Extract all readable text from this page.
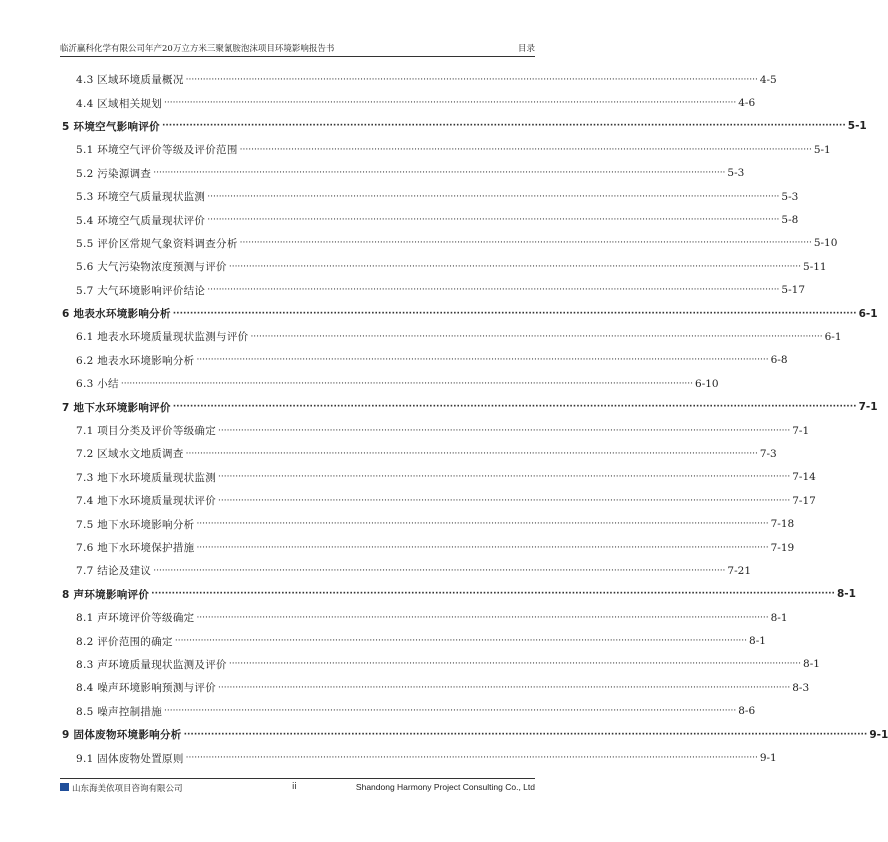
临沂赢科化学有限公司年产20万立方米三聚氰胺泡沫项目环境影响报告书	目录
4.3 区域环境质量概况 ········································································································································································································ 4-5
4.4 区域相关规划 ········································································································································································································ 4-6
5 环境空气影响评价 ········································································································································································································ 5-1
5.1 环境空气评价等级及评价范围 ········································································································································································································ 5-1
5.2 污染源调查 ········································································································································································································ 5-3
5.3 环境空气质量现状监测 ········································································································································································································ 5-3
5.4 环境空气质量现状评价 ········································································································································································································ 5-8
5.5 评价区常规气象资料调查分析 ········································································································································································································ 5-10
5.6 大气污染物浓度预测与评价 ········································································································································································································ 5-11
5.7 大气环境影响评价结论 ········································································································································································································ 5-17
6 地表水环境影响分析 ········································································································································································································ 6-1
6.1 地表水环境质量现状监测与评价 ········································································································································································································ 6-1
6.2 地表水环境影响分析 ········································································································································································································ 6-8
6.3 小结 ········································································································································································································ 6-10
7 地下水环境影响评价 ········································································································································································································ 7-1
7.1 项目分类及评价等级确定 ········································································································································································································ 7-1
7.2 区域水文地质调查 ········································································································································································································ 7-3
7.3 地下水环境质量现状监测 ········································································································································································································ 7-14
7.4 地下水环境质量现状评价 ········································································································································································································ 7-17
7.5 地下水环境影响分析 ········································································································································································································ 7-18
7.6 地下水环境保护措施 ········································································································································································································ 7-19
7.7 结论及建议 ········································································································································································································ 7-21
8 声环境影响评价 ········································································································································································································ 8-1
8.1 声环境评价等级确定 ········································································································································································································ 8-1
8.2 评价范围的确定 ········································································································································································································ 8-1
8.3 声环境质量现状监测及评价 ········································································································································································································ 8-1
8.4 噪声环境影响预测与评价 ········································································································································································································ 8-3
8.5 噪声控制措施 ········································································································································································································ 8-6
9 固体废物环境影响分析 ········································································································································································································ 9-1
9.1 固体废物处置原则 ········································································································································································································ 9-1
山东海美依项目咨询有限公司	ii	Shandong Harmony Project Consulting Co., Ltd
